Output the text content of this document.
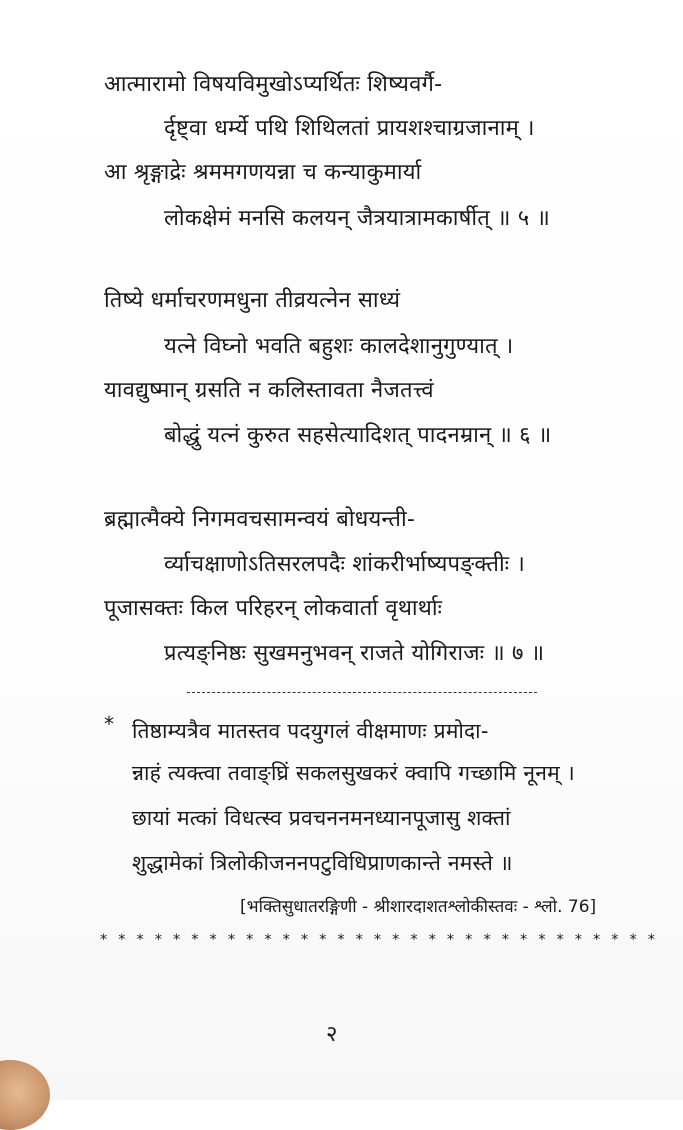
आत्मारामो विषयविमुखोऽप्यर्थितः शिष्यवर्गै-
र्दृष्ट्वा धर्म्ये पथि शिथिलतां प्रायशश्चाग्रजानाम् ।
आ श्रृङ्गाद्रेः श्रममगणयन्ना च कन्याकुमार्या
लोकक्षेमं मनसि कलयन् जैत्रयात्रामकार्षीत् ॥ ५ ॥
तिष्ये धर्माचरणमधुना तीव्रयत्नेन साध्यं
यत्ने विघ्नो भवति बहुशः कालदेशानुगुण्यात् ।
यावद्युष्मान् ग्रसति न कलिस्तावता नैजतत्त्वं
बोद्धुं यत्नं कुरुत सहसेत्यादिशत् पादनम्रान् ॥ ६ ॥
ब्रह्मात्मैक्ये निगमवचसामन्वयं बोधयन्ती-
र्व्याचक्षाणोऽतिसरलपदैः शांकरीर्भाष्यपङ्क्तीः ।
पूजासक्तः किल परिहरन् लोकवार्ता वृथार्थाः
प्रत्यङ्निष्ठः सुखमनुभवन् राजते योगिराजः ॥ ७ ॥
* तिष्ठाम्यत्रैव मातस्तव पदयुगलं वीक्षमाणः प्रमोदा-
न्नाहं त्यक्त्वा तवाङ्घ्रिं सकलसुखकरं क्वापि गच्छामि नूनम् ।
छायां मत्कां विधत्स्व प्रवचननमनध्यानपूजासु शक्तां
शुद्धामेकां त्रिलोकीजननपटुविधिप्राणकान्ते नमस्ते ॥
[भक्तिसुधातरङ्गिणी - श्रीशारदाशतश्लोकीस्तवः - श्लो. 76]
* * * * * * * * * * * * * * * * * * * * * * * * * * * * * * *
२
